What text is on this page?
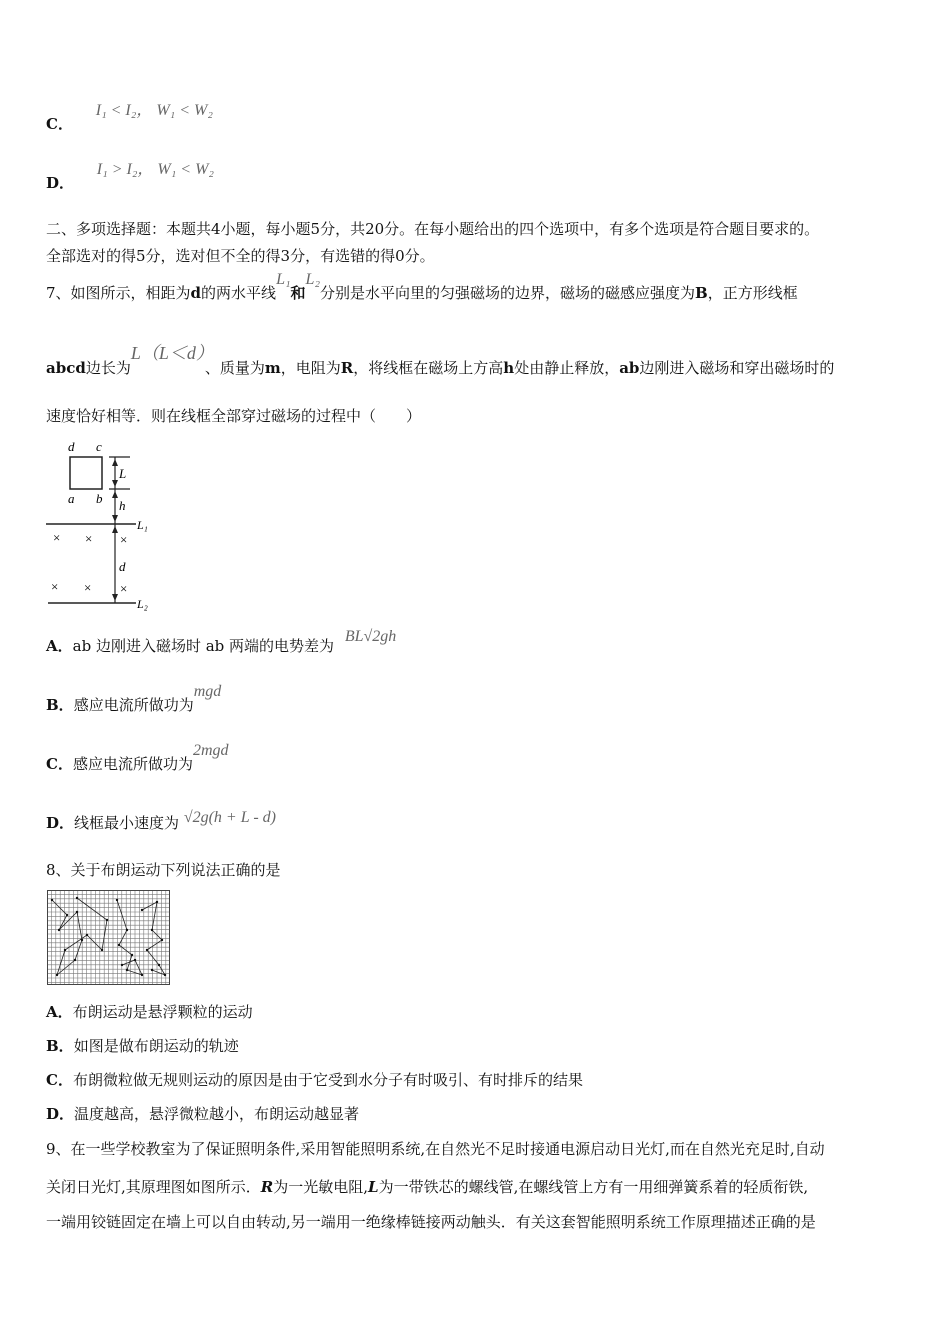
C． I₁ < I₂， W₁ < W₂
D． I₁ > I₂， W₁ < W₂
二、多项选择题：本题共4小题，每小题5分，共20分。在每小题给出的四个选项中，有多个选项是符合题目要求的。
全部选对的得5分，选对但不全的得3分，有选错的得0分。
7、如图所示，相距为d的两水平线L₁和L₂分别是水平向里的匀强磁场的边界，磁场的磁感应强度为B，正方形线框
abcd边长为L（L＜d）、质量为m，电阻为R，将线框在磁场上方高h处由静止释放，ab边刚进入磁场和穿出磁场时的
速度恰好相等．则在线框全部穿过磁场的过程中（　　）
d c
a b
L
h
d
L₁
L₂
× × ×
× × ×
A．ab 边刚进入磁场时 ab 两端的电势差为 BL√2gh
B．感应电流所做功为mgd
C．感应电流所做功为2mgd
D．线框最小速度为 √2g(h + L - d)
8、关于布朗运动下列说法正确的是
A．布朗运动是悬浮颗粒的运动
B．如图是做布朗运动的轨迹
C．布朗微粒做无规则运动的原因是由于它受到水分子有时吸引、有时排斥的结果
D．温度越高，悬浮微粒越小，布朗运动越显著
9、在一些学校教室为了保证照明条件,采用智能照明系统,在自然光不足时接通电源启动日光灯,而在自然光充足时,自动
关闭日光灯,其原理图如图所示．R为一光敏电阻,L为一带铁芯的螺线管,在螺线管上方有一用细弹簧系着的轻质衔铁,
一端用铰链固定在墙上可以自由转动,另一端用一绝缘棒链接两动触头．有关这套智能照明系统工作原理描述正确的是
